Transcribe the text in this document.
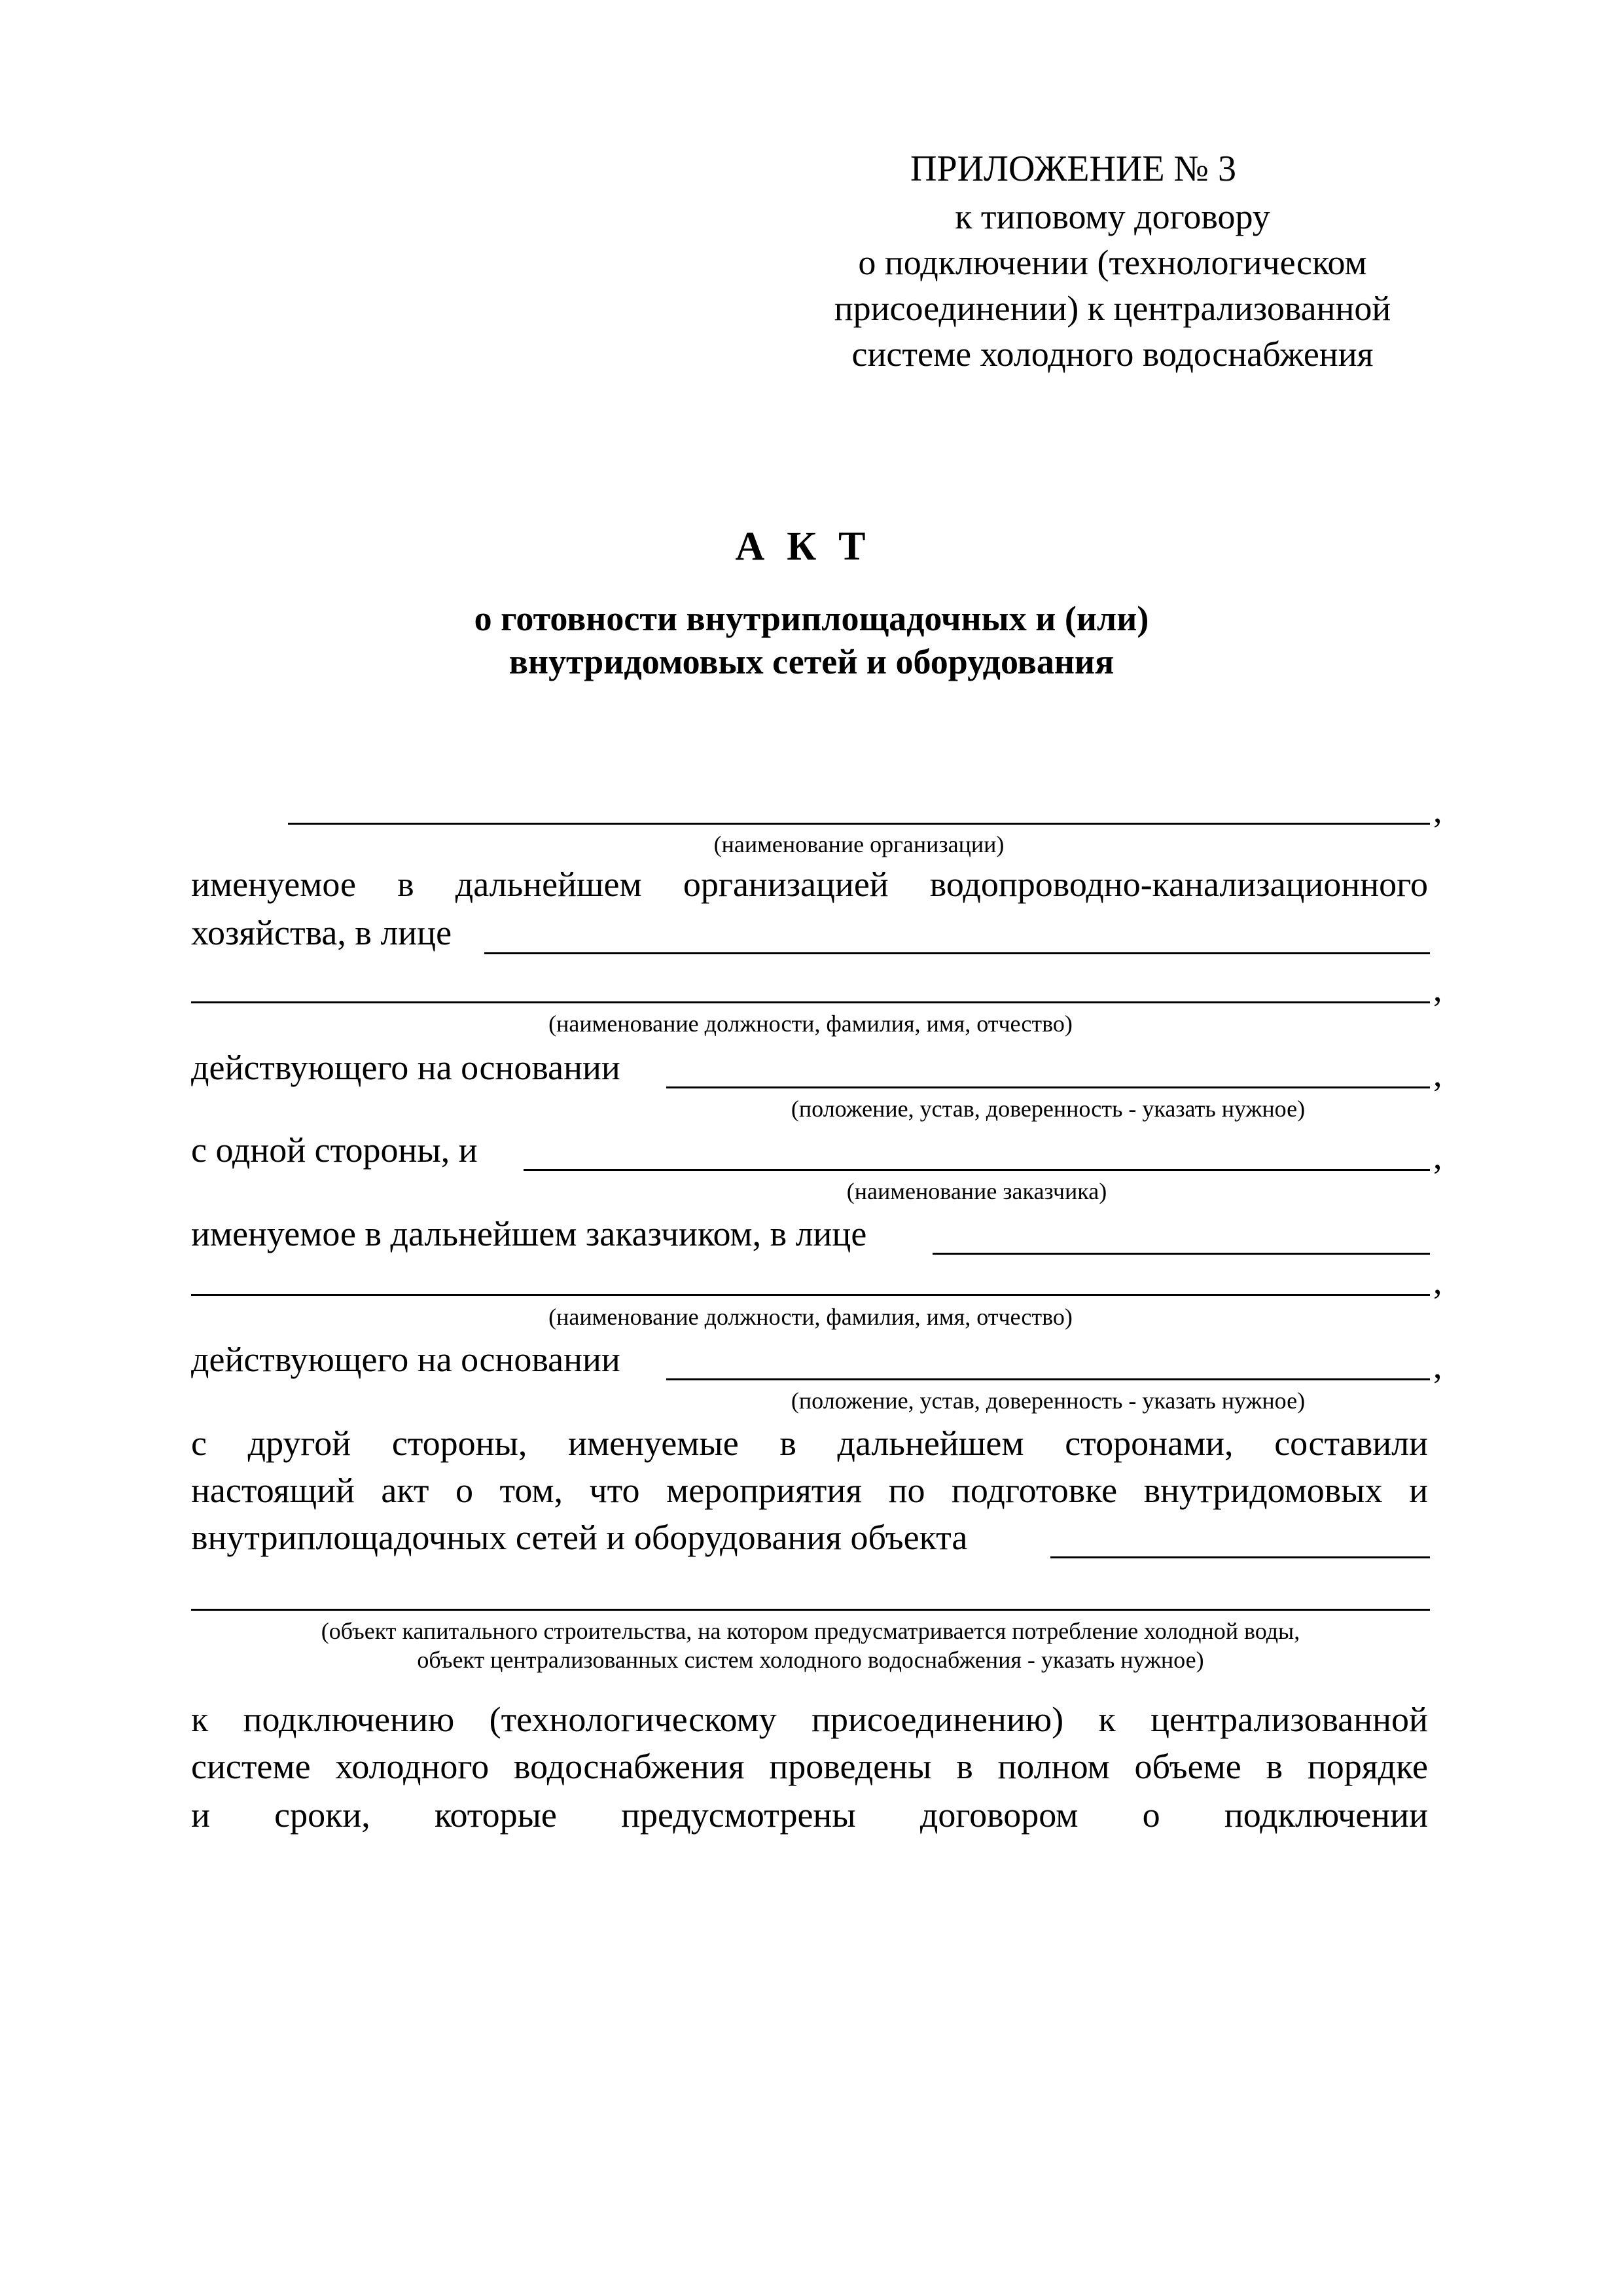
ПРИЛОЖЕНИЕ № 3
к типовому договору
о подключении (технологическом
присоединении) к централизованной
системе холодного водоснабжения
АКТ
о готовности внутриплощадочных и (или)
внутридомовых сетей и оборудования
,
(наименование организации)
именуемое в дальнейшем организацией водопроводно-канализационного
хозяйства, в лице
,
(наименование должности, фамилия, имя, отчество)
действующего на основании	,
(положение, устав, доверенность - указать нужное)
с одной стороны, и	,
(наименование заказчика)
именуемое в дальнейшем заказчиком, в лице
,
(наименование должности, фамилия, имя, отчество)
действующего на основании	,
(положение, устав, доверенность - указать нужное)
с другой стороны, именуемые в дальнейшем сторонами, составили
настоящий акт о том, что мероприятия по подготовке внутридомовых и
внутриплощадочных сетей и оборудования объекта
(объект капитального строительства, на котором предусматривается потребление холодной воды,
объект централизованных систем холодного водоснабжения - указать нужное)
к подключению (технологическому присоединению) к централизованной
системе холодного водоснабжения проведены в полном объеме в порядке
и сроки, которые предусмотрены договором о подключении
